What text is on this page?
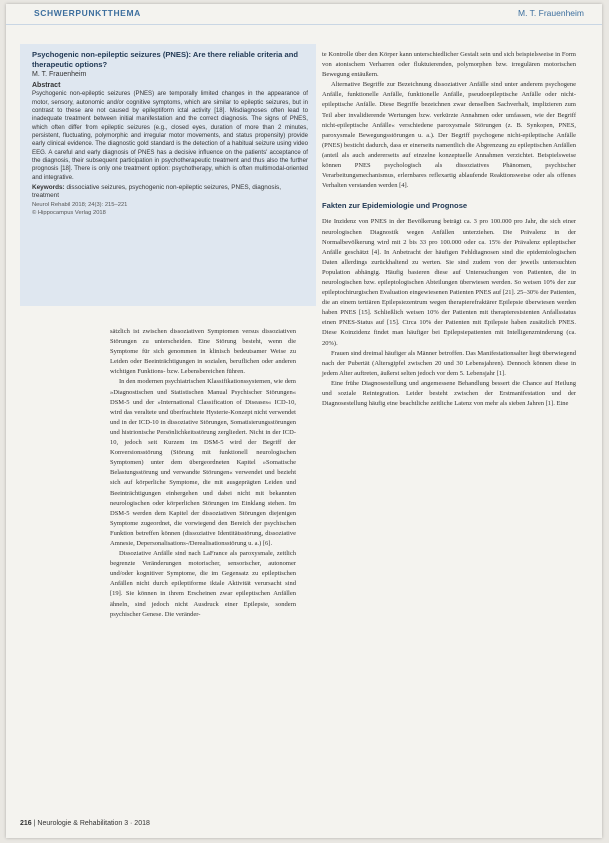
SCHWERPUNKTTHEMA	M. T. Frauenheim

Psychogenic non-epileptic seizures (PNES): Are there reliable criteria and therapeutic options?

M. T. Frauenheim

Abstract

Psychogenic non-epileptic seizures (PNES) are temporally limited changes in the appearance of motor, sensory, autonomic and/or cognitive symptoms, which are similar to epileptic seizures, but in contrast to these are not caused by epileptiform ictal activity [18]. Misdiagnoses often lead to inadequate treatment between initial manifestation and the correct diagnosis. The signs of PNES, which often differ from epileptic seizures (e.g., closed eyes, duration of more than 2 minutes, persistent, fluctuating, polymorphic and irregular motor movements, and status propensity) provide early clinical evidence. The diagnostic gold standard is the detection of a habitual seizure using video EEG. A careful and early diagnosis of PNES has a decisive influence on the patients' acceptance of the diagnosis, their subsequent participation in psychotherapeutic treatment and thus also the further prognosis [18]. There is only one treatment option: psychotherapy, which is often multimodal-oriented and integrative.

Keywords: dissociative seizures, psychogenic non-epileptic seizures, PNES, diagnosis, treatment

Neurol Rehabil 2018; 24(3): 215–221
© Hippocampus Verlag 2018

sätzlich ist zwischen dissoziativen Symptomen versus dissoziativen Störungen zu unterscheiden. Eine Störung besteht, wenn die Symptome für sich genommen in klinisch bedeutsamer Weise zu Leiden oder Beeinträchtigungen in sozialen, beruflichen oder anderen wichtigen Funktions- bzw. Lebensbereichen führen.

In den modernen psychiatrischen Klassifikationssystemen, wie dem »Diagnostischen und Statistischen Manual Psychischer Störungen« DSM-5 und der »International Classification of Diseases« ICD-10, wird das veraltete und überfrachtete Hysterie-Konzept nicht verwendet und in der ICD-10 in dissoziative Störungen, Somatisierungsstörungen und histrionische Persönlichkeitsstörung zergliedert. Nicht in der ICD-10, jedoch seit Kurzem im DSM-5 wird der Begriff der Konversionsstörung (Störung mit funktionell neurologischen Symptomen) unter dem übergeordneten Kapitel »Somatische Belastungsstörung und verwandte Störungen« verwendet und bezieht sich auf körperliche Symptome, die mit ausgeprägten Leiden und Beeinträchtigungen einhergehen und dabei nicht mit bekannten neurologischen oder körperlichen Störungen im Einklang stehen. Im DSM-5 werden dem Kapitel der dissoziativen Störungen diejenigen Symptome zugeordnet, die vorwiegend den Bereich der psychischen Funktion betreffen können (dissoziative Identitätsstörung, dissoziative Amnesie, Depersonalisations-/Derealisationsstörung u. a.) [6].

Dissoziative Anfälle sind nach LaFrance als paroxysmale, zeitlich begrenzte Veränderungen motorischer, sensorischer, autonomer und/oder kognitiver Symptome, die im Gegensatz zu epileptischen Anfällen nicht durch epileptiforme iktale Aktivität verursacht sind [19]. Sie können in ihrem Erscheinen zwar epileptischen Anfällen ähneln, sind jedoch nicht Ausdruck einer Epilepsie, sondern psychischer Genese. Die veränder-

te Kontrolle über den Körper kann unterschiedlicher Gestalt sein und sich beispielsweise in Form von atonischem Verharren oder fluktuierenden, polymorphen bzw. irregulären motorischen Bewegung entäußern.

Alternative Begriffe zur Bezeichnung dissoziativer Anfälle sind unter anderem psychogene Anfälle, funktionelle Anfälle, funktionelle Anfälle, pseudoepileptische Anfälle oder nicht-epileptische Anfälle. Diese Begriffe bezeichnen zwar denselben Sachverhalt, implizieren zum Teil aber invalidierende Wertungen bzw. verkürzte Annahmen oder umfassen, wie der Begriff nicht-epileptische Anfälle« verschiedene paroxysmale Störungen (z. B. Synkopen, PNES, paroxysmale Bewegungsstörungen u. a.). Der Begriff psychogene nicht-epileptische Anfälle (PNES) besticht dadurch, dass er einerseits namentlich die Abgrenzung zu epileptischen Anfällen (anteil als auch andererseits auf einzelne konzeptuelle Annahmen verzichtet. Beispielsweise können PNES psychologisch als dissoziatives Phänomen, psychischer Verarbeitungsmechanismus, erlernbares reflexartig ablaufende Reaktionsweise oder als offenes Verhalten verstanden werden [4].

Fakten zur Epidemiologie und Prognose

Die Inzidenz von PNES in der Bevölkerung beträgt ca. 3 pro 100.000 pro Jahr, die sich einer neurologischen Diagnostik wegen Anfällen unterziehen. Die Prävalenz in der Normalbevölkerung wird mit 2 bis 33 pro 100.000 oder ca. 15% der Prävalenz epileptischer Anfälle geschätzt [4]. In Anbetracht der häufigen Fehldiagnosen sind die epidemiologischen Daten allerdings zurückhaltend zu werten. Sie sind zudem von der jeweils untersuchten Population abhängig. Häufig basieren diese auf Untersuchungen von Patienten, die in neurologischen bzw. epileptologischen Abteilungen überwiesen werden. So weisen 10% der zur epileptochirurgischen Evaluation eingewiesenen Patienten PNES auf [21]. 25–30% der Patienten, die an einem tertiären Epilepsiezentrum wegen therapierefraktärer Epilepsie überwiesen werden haben PNES [15]. Schließlich weisen 10% der Patienten mit therapieresistenten Anfallsstatus einen PNES-Status auf [15]. Circa 10% der Patienten mit Epilepsie haben zusätzlich PNES. Diese Koinzidenz findet man häufiger bei Epilepsiepatienten mit Intelligenzminderung (ca. 20%).

Frauen sind dreimal häufiger als Männer betroffen. Das Manifestationsalter liegt überwiegend nach der Pubertät (Altersgipfel zwischen 20 und 30 Lebensjahren). Dennoch können diese in jedem Alter auftreten, äußerst selten jedoch vor dem 5. Lebensjahr [1].

Eine frühe Diagnosestellung und angemessene Behandlung bessert die Chance auf Heilung und soziale Reintegration. Leider besteht zwischen der Erstmanifestation und der Diagnosestellung häufig eine beachtliche zeitliche Latenz von mehr als sieben Jahren [1]. Eine

216 | Neurologie & Rehabilitation 3 · 2018
